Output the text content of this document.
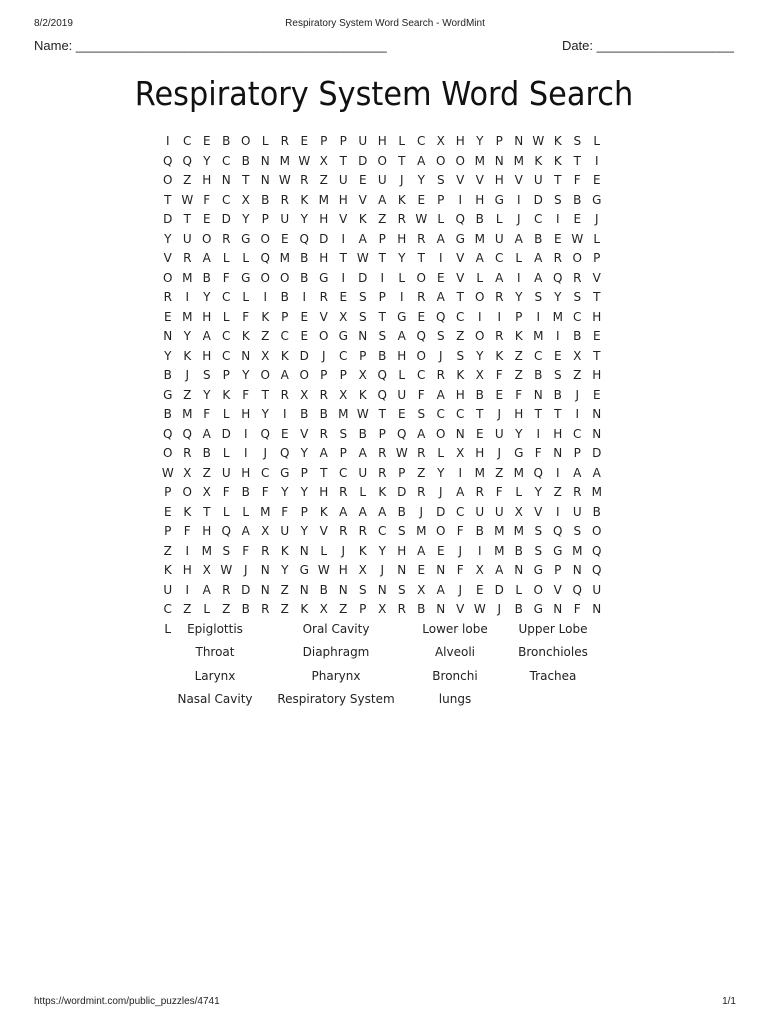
8/2/2019	Respiratory System Word Search - WordMint
Name: ___________________________________________	Date: ___________________
Respiratory System Word Search
I	C E B O L R E	P	P U H L C X H Y	P N W K S	L
Q Q Y C B N M W X T D O T A O O M N M K K T	I
O Z H N T N W R Z U E U	J	Y	S V V H V U T	F	E
T W F C X B R K M H V A K E	P	I	H G	I	D S B G
D T	E D Y	P U Y H V K Z R W L Q B	L	J	C	I	E	J
Y U O R G O E Q D	I	A P H R A G M U A B E W L
V R A	L	L Q M B H T W T	Y	T	I	V A C L	A R O P
O M B F G O O B G	I	D	I	L O E V	L	A	I	A Q R V
R	I	Y C L	I	B	I	R E S	P	I	R A T O R Y	S	Y	S	T
E M H L	F	K P	E V X S	T G E Q C	I	I	P	I	M C H
N Y A C K Z C E O G N S A Q S Z O R K M	I	B E
Y K H C N X K D	J	C P B H O	J	S	Y K Z C E X T
B	J	S	P	Y O A O P	P X Q L C R K X F Z B S Z H
G Z Y K	F	T R X R X K Q U F A H B E	F N B	J	E
B M F	L H Y	I	B B M W T	E S C C T	J	H T	T	I	N
Q Q A D	I	Q E V R S B P Q A O N E U Y	I	H C N
O R B	L	I	J	Q Y A P A R W R L	X H	J	G F N P D
W X Z U H C G P	T C U R P Z Y	I	M Z M Q	I	A A
P O X F B F	Y	Y H R L	K D R	J	A R F	L	Y Z R M
E K T	L	L M F	P K A A A B	J	D C U U X V	I	U B
P	F H Q A X U Y V R R C S M O F B M M S Q S O
Z	I	M S	F R K N L	J	K Y H A E	J	I	M B S G M Q
K H X W J	N Y G W H X	J	N E N F X A N G P N Q
U	I	A R D N Z N B N S N S X A	J	E D L O V Q U
C Z	L	Z B R Z K X Z P X R B N V W J	B G N F N
L	Epiglottis	Oral Cavity	Lower lobe	Upper Lobe
Throat	Diaphragm	Alveoli	Bronchioles
Larynx	Pharynx	Bronchi	Trachea
Nasal Cavity	Respiratory System	lungs
https://wordmint.com/public_puzzles/4741	1/1
